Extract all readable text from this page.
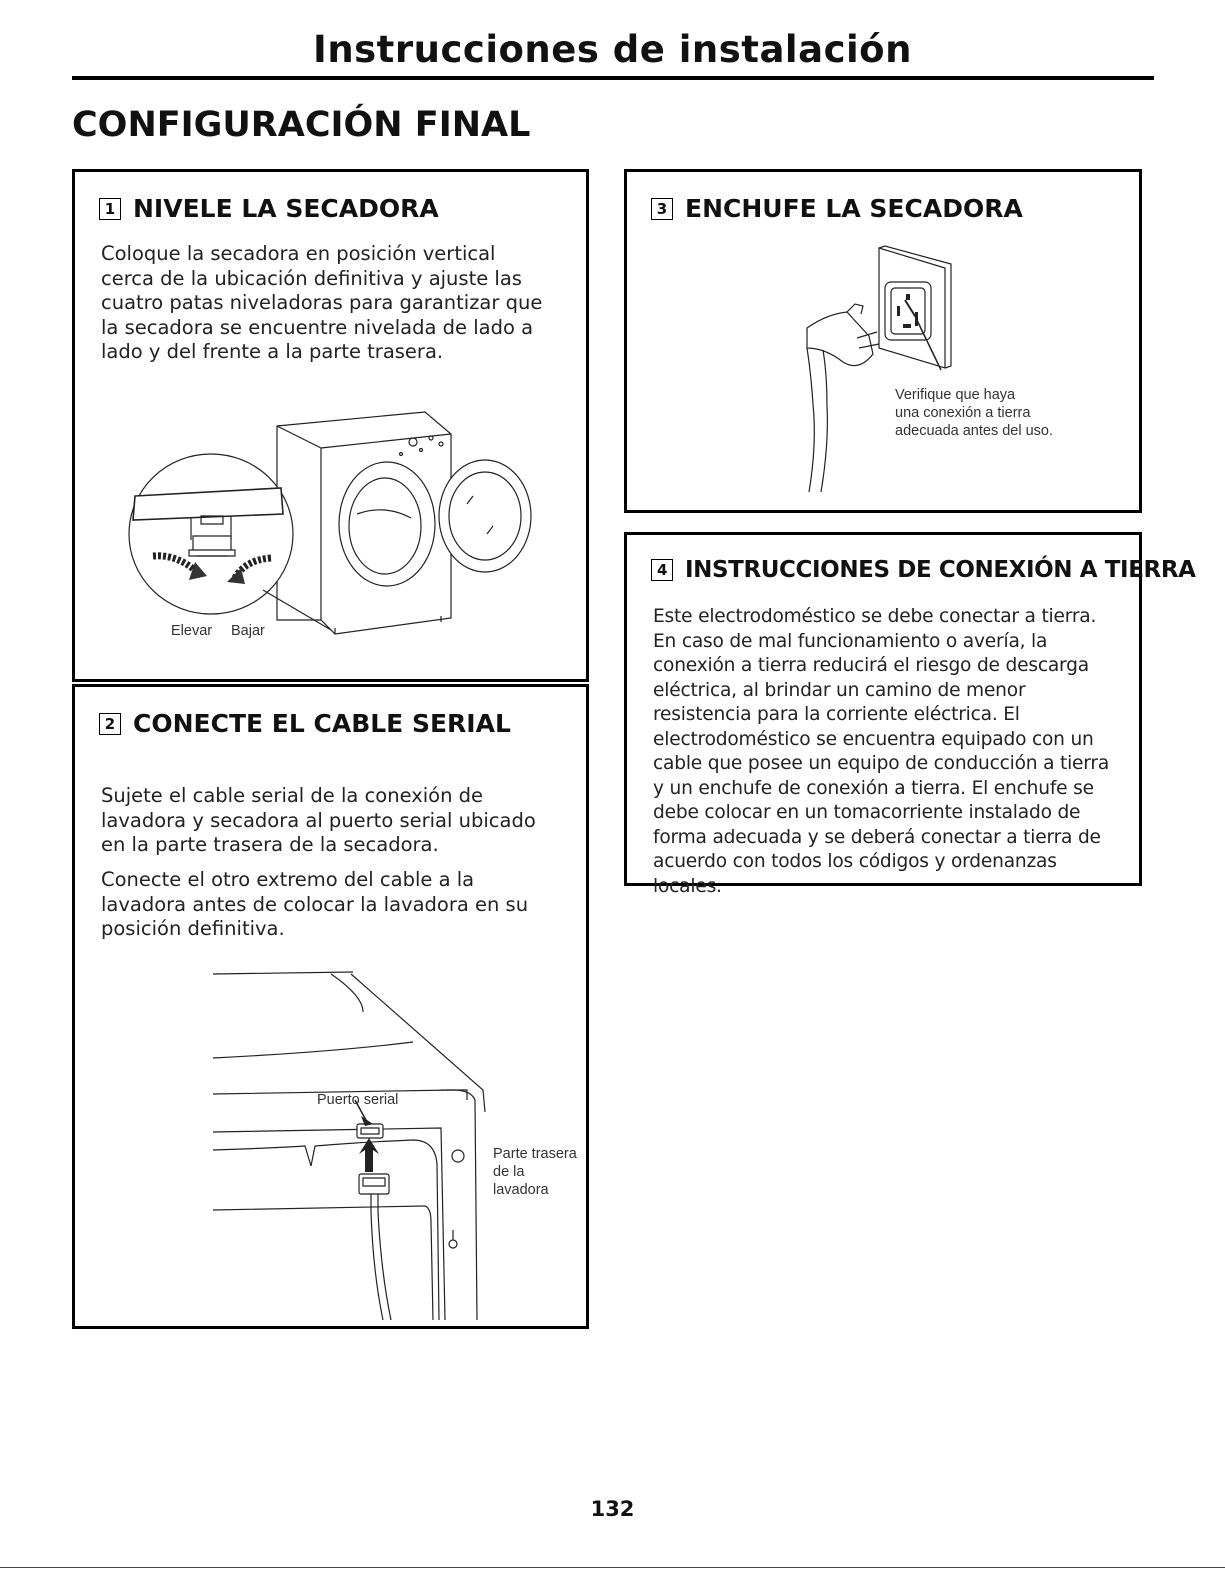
Instrucciones de instalación
CONFIGURACIÓN FINAL
1 NIVELE LA SECADORA

Coloque la secadora en posición vertical cerca de la ubicación definitiva y ajuste las cuatro patas niveladoras para garantizar que la secadora se encuentre nivelada de lado a lado y del frente a la parte trasera.

Elevar Bajar
2 CONECTE EL CABLE SERIAL

Sujete el cable serial de la conexión de lavadora y secadora al puerto serial ubicado en la parte trasera de la secadora.

Conecte el otro extremo del cable a la lavadora antes de colocar la lavadora en su posición definitiva.

Puerto serial
Parte trasera
de la
lavadora
3 ENCHUFE LA SECADORA
Verifique que haya
una conexión a tierra
adecuada antes del uso.
4 INSTRUCCIONES DE CONEXIÓN A TIERRA

Este electrodoméstico se debe conectar a tierra. En caso de mal funcionamiento o avería, la conexión a tierra reducirá el riesgo de descarga eléctrica, al brindar un camino de menor resistencia para la corriente eléctrica. El electrodoméstico se encuentra equipado con un cable que posee un equipo de conducción a tierra y un enchufe de conexión a tierra. El enchufe se debe colocar en un tomacorriente instalado de forma adecuada y se deberá conectar a tierra de acuerdo con todos los códigos y ordenanzas locales.

132
